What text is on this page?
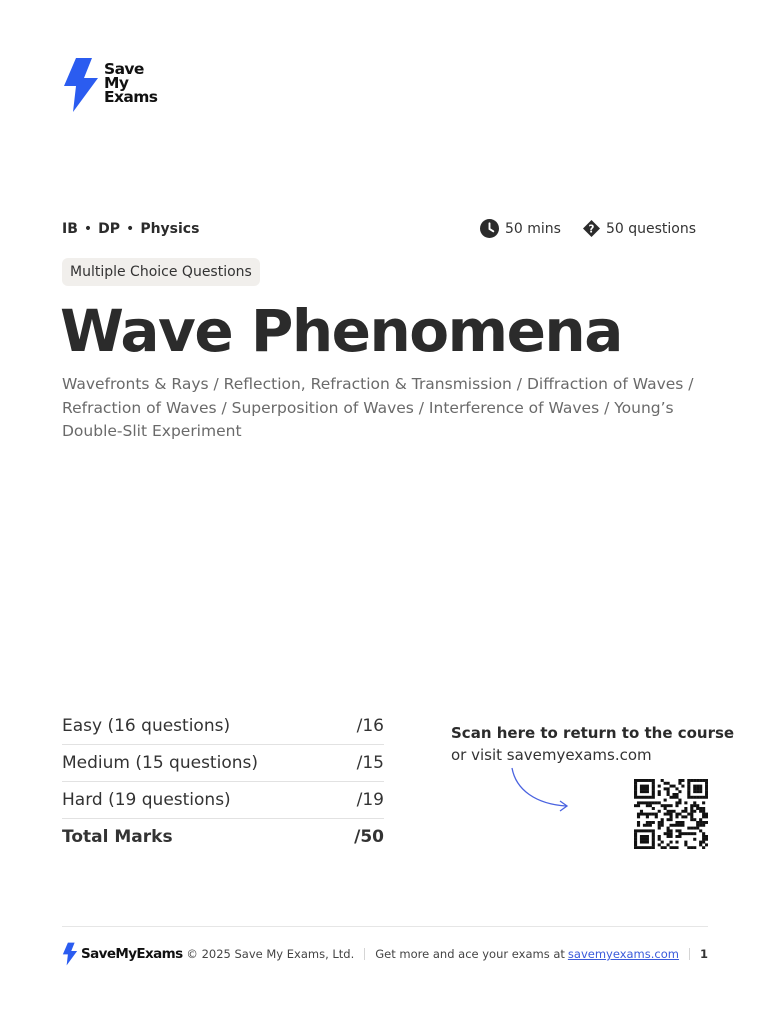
Save
My
Exams
IB • DP • Physics	50 mins ? 50 questions
Multiple Choice Questions
Wave Phenomena

Wavefronts & Rays / Reflection, Refraction & Transmission / Diffraction of Waves / Refraction of Waves / Superposition of Waves / Interference of Waves / Young’s Double-Slit Experiment

Easy (16 questions)	/16
Medium (15 questions)	/15
Hard (19 questions)	/19
Total Marks	/50
Scan here to return to the course
or visit savemyexams.com
SaveMyExams © 2025 Save My Exams, Ltd. Get more and ace your exams at savemyexams.com 1
